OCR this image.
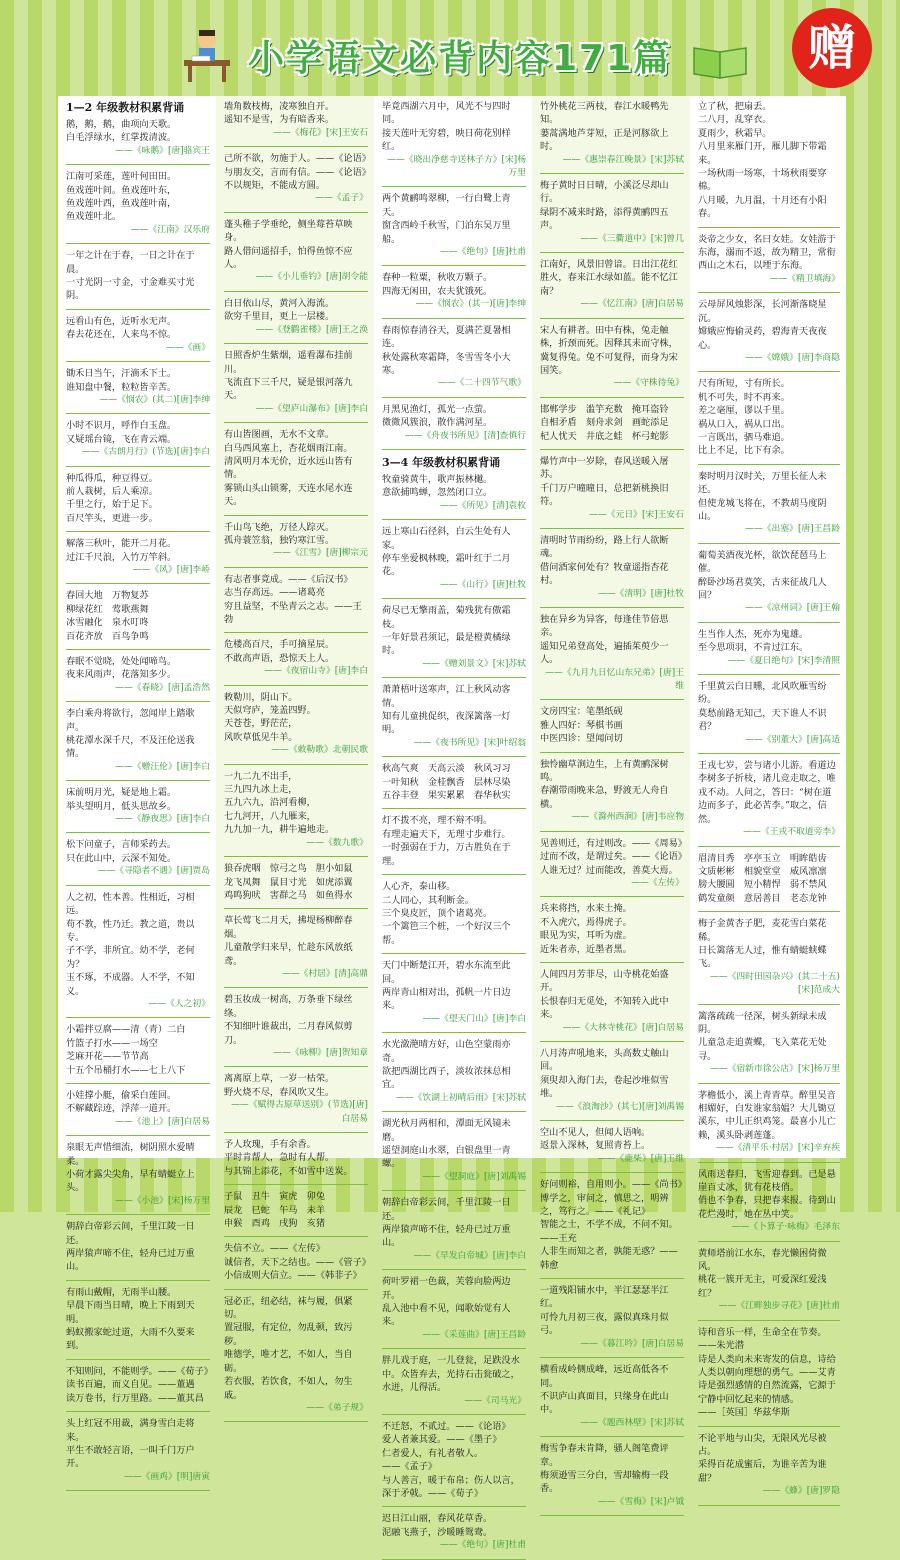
小学语文必背内容171篇	赠
1—2 年级教材积累背诵
鹅，鹅，鹅，曲项向天歌。
白毛浮绿水，红掌拨清波。
——《咏鹅》[唐]骆宾王
江南可采莲，莲叶何田田。
鱼戏莲叶间。鱼戏莲叶东，
鱼戏莲叶西，鱼戏莲叶南，
鱼戏莲叶北。
——《江南》汉乐府
一年之计在于春，一日之计在于晨。
一寸光阴一寸金，寸金难买寸光阴。
远看山有色，近听水无声。
春去花还在，人来鸟不惊。
——《画》
锄禾日当午，汗滴禾下土。
谁知盘中餐，粒粒皆辛苦。
——《悯农》(其二)[唐]李绅
小时不识月，呼作白玉盘。
又疑瑶台镜，飞在青云端。
——《古朗月行》(节选)[唐]李白
种瓜得瓜，种豆得豆。
前人栽树，后人乘凉。
千里之行，始于足下。
百尺竿头，更进一步。
解落三秋叶，能开二月花。
过江千尺浪，入竹万竿斜。
——《风》[唐]李峤
春回大地　万物复苏
柳绿花红　莺歌燕舞
冰雪融化　泉水叮咚
百花齐放　百鸟争鸣
春眠不觉晓，处处闻啼鸟。
夜来风雨声，花落知多少。
——《春晓》[唐]孟浩然
李白乘舟将欲行，忽闻岸上踏歌声。
桃花潭水深千尺，不及汪伦送我情。
——《赠汪伦》[唐]李白
床前明月光，疑是地上霜。
举头望明月，低头思故乡。
——《静夜思》[唐]李白
松下问童子，言师采药去。
只在此山中，云深不知处。
——《寻隐者不遇》[唐]贾岛
人之初，性本善。性相近，习相远。
苟不教，性乃迁。教之道，贵以专。
子不学，非所宜。幼不学，老何为？
玉不琢，不成器。人不学，不知义。
——《人之初》
小霜拌豆腐——清（青）二白
竹篮子打水——一场空
芝麻开花——节节高
十五个吊桶打水——七上八下
小娃撑小艇，偷采白莲回。
不解藏踪迹，浮萍一道开。
——《池上》[唐]白居易
泉眼无声惜细流，树阴照水爱晴柔。
小荷才露尖尖角，早有蜻蜓立上头。
——《小池》[宋]杨万里
朝辞白帝彩云间，千里江陵一日还。
两岸猿声啼不住，轻舟已过万重山。
有雨山戴帽，无雨半山腰。
早晨下雨当日晴，晚上下雨到天明。
蚂蚁搬家蛇过道，大雨不久要来到。
不知则问，不能则学。——《荀子》
读书百遍，而义自见。——董遇
读万卷书，行万里路。——董其昌
头上红冠不用裁，满身雪白走将来。
平生不敢轻言语，一叫千门万户开。
——《画鸡》[明]唐寅
墙角数枝梅，凌寒独自开。
遥知不是雪，为有暗香来。
——《梅花》[宋]王安石
己所不欲，勿施于人。——《论语》
与朋友交，言而有信。——《论语》
不以规矩，不能成方圆。
——《孟子》
蓬头稚子学垂纶，侧坐莓苔草映身。
路人借问遥招手，怕得鱼惊不应人。
——《小儿垂钓》[唐]胡令能
白日依山尽，黄河入海流。
欲穷千里目，更上一层楼。
——《登鹳雀楼》[唐]王之涣
日照香炉生紫烟，遥看瀑布挂前川。
飞流直下三千尺，疑是银河落九天。
——《望庐山瀑布》[唐]李白
有山皆图画，无水不文章。
白马西风塞上，杏花烟雨江南。
清风明月本无价，近水远山皆有情。
雾锁山头山锁雾，天连水尾水连天。
千山鸟飞绝，万径人踪灭。
孤舟蓑笠翁，独钓寒江雪。
——《江雪》[唐]柳宗元
有志者事竟成。——《后汉书》
志当存高远。——诸葛亮
穷且益坚，不坠青云之志。——王勃
危楼高百尺，手可摘星辰。
不敢高声语，恐惊天上人。
——《夜宿山寺》[唐]李白
敕勒川，阴山下。
天似穹庐，笼盖四野。
天苍苍，野茫茫，
风吹草低见牛羊。
——《敕勒歌》北朝民歌
一九二九不出手，
三九四九冰上走，
五九六九，沿河看柳，
七九河开，八九雁来，
九九加一九，耕牛遍地走。
——《数九歌》
狼吞虎咽　惊弓之鸟　胆小如鼠
龙飞凤舞　鼠目寸光　如虎添翼
鸡鸣狗吠　害群之马　如鱼得水
草长莺飞二月天，拂堤杨柳醉春烟。
儿童散学归来早，忙趁东风放纸鸢。
——《村居》[清]高鼎
碧玉妆成一树高，万条垂下绿丝绦。
不知细叶谁裁出，二月春风似剪刀。
——《咏柳》[唐]贺知章
离离原上草，一岁一枯荣。
野火烧不尽，春风吹又生。
——《赋得古原草送别》(节选)[唐]白居易
予人玫瑰，手有余香。
平时肯帮人，急时有人帮。
与其锦上添花，不如雪中送炭。
子鼠　丑牛　寅虎　卯兔
辰龙　巳蛇　午马　未羊
申猴　酉鸡　戌狗　亥猪
失信不立。——《左传》
诚信者，天下之结也。——《管子》
小信成则大信立。——《韩非子》
冠必正，纽必结，袜与履，俱紧切。
置冠服，有定位，勿乱顿，致污秽。
唯德学，唯才艺，不如人，当自砺。
若衣服，若饮食，不如人，勿生戚。
——《弟子规》
毕竟西湖六月中，风光不与四时同。
接天莲叶无穷碧，映日荷花别样红。
——《晓出净慈寺送林子方》[宋]杨万里
两个黄鹂鸣翠柳，一行白鹭上青天。
窗含西岭千秋雪，门泊东吴万里船。
——《绝句》[唐]杜甫
春种一粒粟，秋收万颗子。
四海无闲田，农夫犹饿死。
——《悯农》(其一)[唐]李绅
春雨惊春清谷天，夏满芒夏暑相连。
秋处露秋寒霜降，冬雪雪冬小大寒。
——《二十四节气歌》
月黑见渔灯，孤光一点萤。
微微风簇浪，散作满河星。
——《舟夜书所见》[清]查慎行
3—4 年级教材积累背诵
牧童骑黄牛，歌声振林樾。
意欲捕鸣蝉，忽然闭口立。
——《所见》[清]袁枚
远上寒山石径斜，白云生处有人家。
停车坐爱枫林晚，霜叶红于二月花。
——《山行》[唐]杜牧
荷尽已无擎雨盖，菊残犹有傲霜枝。
一年好景君须记，最是橙黄橘绿时。
——《赠刘景文》[宋]苏轼
萧萧梧叶送寒声，江上秋风动客情。
知有儿童挑促织，夜深篱落一灯明。
——《夜书所见》[宋]叶绍翁
秋高气爽　天高云淡　秋风习习
一叶知秋　金桂飘香　层林尽染
五谷丰登　果实累累　春华秋实
灯不拨不亮，理不辩不明。
有理走遍天下，无理寸步难行。
一时强弱在于力，万古胜负在于理。
人心齐，泰山移。
二人同心，其利断金。
三个臭皮匠，顶个诸葛亮。
一个篱笆三个桩，一个好汉三个帮。
天门中断楚江开，碧水东流至此回。
两岸青山相对出，孤帆一片日边来。
——《望天门山》[唐]李白
水光潋滟晴方好，山色空蒙雨亦奇。
欲把西湖比西子，淡妆浓抹总相宜。
——《饮湖上初晴后雨》[宋]苏轼
湖光秋月两相和，潭面无风镜未磨。
遥望洞庭山水翠，白银盘里一青螺。
——《望洞庭》[唐]刘禹锡
朝辞白帝彩云间，千里江陵一日还。
两岸猿声啼不住，轻舟已过万重山。
——《早发白帝城》[唐]李白
荷叶罗裙一色裁，芙蓉向脸两边开。
乱入池中看不见，闻歌始觉有人来。
——《采莲曲》[唐]王昌龄
胖儿戏于庭，一儿登瓮，足跌没水中。众皆弃去，光持石击瓮破之，水迸，儿得活。
——《司马光》
不迁怒，不贰过。——《论语》
爱人者兼其爱。——《墨子》
仁者爱人，有礼者敬人。
——《孟子》
与人善言，暖于布帛；伤人以言，深于矛戟。——《荀子》
迟日江山丽，春风花草香。
泥融飞燕子，沙暖睡鸳鸯。
——《绝句》[唐]杜甫
竹外桃花三两枝，春江水暖鸭先知。
蒌蒿满地芦芽短，正是河豚欲上时。
——《惠崇春江晚景》[宋]苏轼
梅子黄时日日晴，小溪泛尽却山行。
绿阴不减来时路，添得黄鹂四五声。
——《三衢道中》[宋]曾几
江南好，风景旧曾谙。日出江花红胜火，春来江水绿如蓝。能不忆江南？
——《忆江南》[唐]白居易
宋人有耕者。田中有株，兔走触株，折颈而死。因释其耒而守株，冀复得兔。兔不可复得，而身为宋国笑。
——《守株待兔》
邯郸学步　滥竽充数　掩耳盗铃
自相矛盾　刻舟求剑　画蛇添足
杞人忧天　井底之蛙　杯弓蛇影
爆竹声中一岁除，春风送暖入屠苏。
千门万户曈曈日，总把新桃换旧符。
——《元日》[宋]王安石
清明时节雨纷纷，路上行人欲断魂。
借问酒家何处有？牧童遥指杏花村。
——《清明》[唐]杜牧
独在异乡为异客，每逢佳节倍思亲。
遥知兄弟登高处，遍插茱萸少一人。
——《九月九日忆山东兄弟》[唐]王维
文房四宝：笔墨纸砚
雅人四好：琴棋书画
中医四诊：望闻问切
独怜幽草涧边生，上有黄鹂深树鸣。
春潮带雨晚来急，野渡无人舟自横。
——《滁州西涧》[唐]韦应物
见善则迁，有过则改。——《周易》
过而不改，是谓过矣。——《论语》
人谁无过？过而能改，善莫大焉。
——《左传》
兵来将挡，水来土掩。
不入虎穴，焉得虎子。
眼见为实，耳听为虚。
近朱者赤，近墨者黑。
人间四月芳菲尽，山寺桃花始盛开。
长恨春归无觅处，不知转入此中来。
——《大林寺桃花》[唐]白居易
八月涛声吼地来，头高数丈触山回。
须臾却入海门去，卷起沙堆似雪堆。
——《浪淘沙》(其七)[唐]刘禹锡
空山不见人，但闻人语响。
返景入深林，复照青苔上。
——《鹿柴》[唐]王维
好问则裕，自用则小。——《尚书》
博学之，审问之，慎思之，明辨之，笃行之。——《礼记》
智能之士，不学不成，不问不知。
——王充
人非生而知之者，孰能无惑？——韩愈
一道残阳铺水中，半江瑟瑟半江红。
可怜九月初三夜，露似真珠月似弓。
——《暮江吟》[唐]白居易
横看成岭侧成峰，远近高低各不同。
不识庐山真面目，只缘身在此山中。
——《题西林壁》[宋]苏轼
梅雪争春未肯降，骚人阁笔费评章。
梅须逊雪三分白，雪却输梅一段香。
——《雪梅》[宋]卢钺
立了秋，把扇丢。
二八月，乱穿衣。
夏雨少，秋霜早。
八月里来雁门开，雁儿脚下带霜来。
一场秋雨一场寒，十场秋雨要穿棉。
八月暖，九月温，十月还有小阳春。
炎帝之少女，名曰女娃。女娃游于东海，溺而不返，故为精卫，常衔西山之木石，以堙于东海。
——《精卫填海》
云母屏风烛影深，长河渐落晓星沉。
嫦娥应悔偷灵药，碧海青天夜夜心。
——《嫦娥》[唐]李商隐
尺有所短，寸有所长。
机不可失，时不再来。
差之毫厘，谬以千里。
祸从口入，祸从口出。
一言既出，驷马难追。
比上不足，比下有余。
秦时明月汉时关，万里长征人未还。
但使龙城飞将在，不教胡马度阴山。
——《出塞》[唐]王昌龄
葡萄美酒夜光杯，欲饮琵琶马上催。
醉卧沙场君莫笑，古来征战几人回？
——《凉州词》[唐]王翰
生当作人杰，死亦为鬼雄。
至今思项羽，不肯过江东。
——《夏日绝句》[宋]李清照
千里黄云白日曛，北风吹雁雪纷纷。
莫愁前路无知己，天下谁人不识君？
——《别董大》[唐]高适
王戎七岁，尝与诸小儿游。看道边李树多子折枝，诸儿竞走取之，唯戎不动。人问之，答曰：“树在道边而多子，此必苦李。”取之，信然。
——《王戎不取道旁李》
眉清目秀　亭亭玉立　明眸皓齿
文质彬彬　相貌堂堂　威风凛凛
膀大腰圆　短小精悍　弱不禁风
鹤发童颜　意居善目　老态龙钟
梅子金黄杏子肥，麦花雪白菜花稀。
日长篱落无人过，惟有蜻蜓蛱蝶飞。
——《四时田园杂兴》(其二十五)[宋]范成大
篱落疏疏一径深，树头新绿未成阴。
儿童急走追黄蝶，飞入菜花无处寻。
——《宿新市徐公店》[宋]杨万里
茅檐低小，溪上青青草。醉里吴音相媚好，白发谁家翁媪？大儿锄豆溪东，中儿正织鸡笼。最喜小儿亡赖，溪头卧剥莲蓬。
——《清平乐·村居》[宋]辛弃疾
风雨送春归，飞雪迎春到。已是悬崖百丈冰，犹有花枝俏。
俏也不争春，只把春来报。待到山花烂漫时，她在丛中笑。
——《卜算子·咏梅》毛泽东
黄师塔前江水东，春光懒困倚微风。
桃花一簇开无主，可爱深红爱浅红？
——《江畔独步寻花》[唐]杜甫
诗和音乐一样，生命全在节奏。
——朱光潜
诗是人类向未来寄发的信息，诗给人类以朝向理想的勇气。——艾青
诗是强烈感情的自然流露，它源于宁静中回忆起来的情感。
——［英国］华兹华斯
不论平地与山尖，无限风光尽被占。
采得百花成蜜后，为谁辛苦为谁甜？
——《蜂》[唐]罗隐
